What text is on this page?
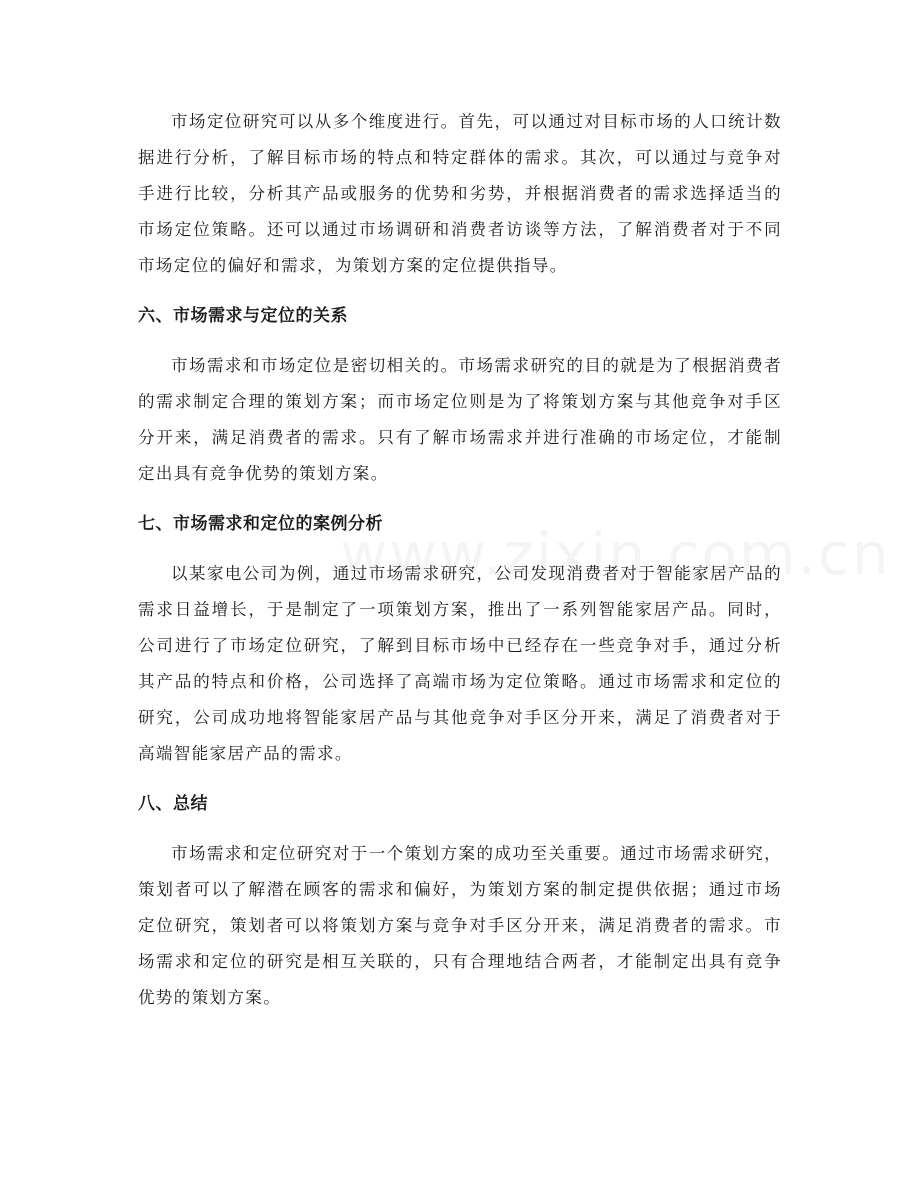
市场定位研究可以从多个维度进行。首先，可以通过对目标市场的人口统计数据进行分析，了解目标市场的特点和特定群体的需求。其次，可以通过与竞争对手进行比较，分析其产品或服务的优势和劣势，并根据消费者的需求选择适当的市场定位策略。还可以通过市场调研和消费者访谈等方法，了解消费者对于不同市场定位的偏好和需求，为策划方案的定位提供指导。

六、市场需求与定位的关系

市场需求和市场定位是密切相关的。市场需求研究的目的就是为了根据消费者的需求制定合理的策划方案；而市场定位则是为了将策划方案与其他竞争对手区分开来，满足消费者的需求。只有了解市场需求并进行准确的市场定位，才能制定出具有竞争优势的策划方案。

七、市场需求和定位的案例分析

以某家电公司为例，通过市场需求研究，公司发现消费者对于智能家居产品的需求日益增长，于是制定了一项策划方案，推出了一系列智能家居产品。同时，公司进行了市场定位研究，了解到目标市场中已经存在一些竞争对手，通过分析其产品的特点和价格，公司选择了高端市场为定位策略。通过市场需求和定位的研究，公司成功地将智能家居产品与其他竞争对手区分开来，满足了消费者对于高端智能家居产品的需求。

八、总结

市场需求和定位研究对于一个策划方案的成功至关重要。通过市场需求研究，策划者可以了解潜在顾客的需求和偏好，为策划方案的制定提供依据；通过市场定位研究，策划者可以将策划方案与竞争对手区分开来，满足消费者的需求。市场需求和定位的研究是相互关联的，只有合理地结合两者，才能制定出具有竞争优势的策划方案。
